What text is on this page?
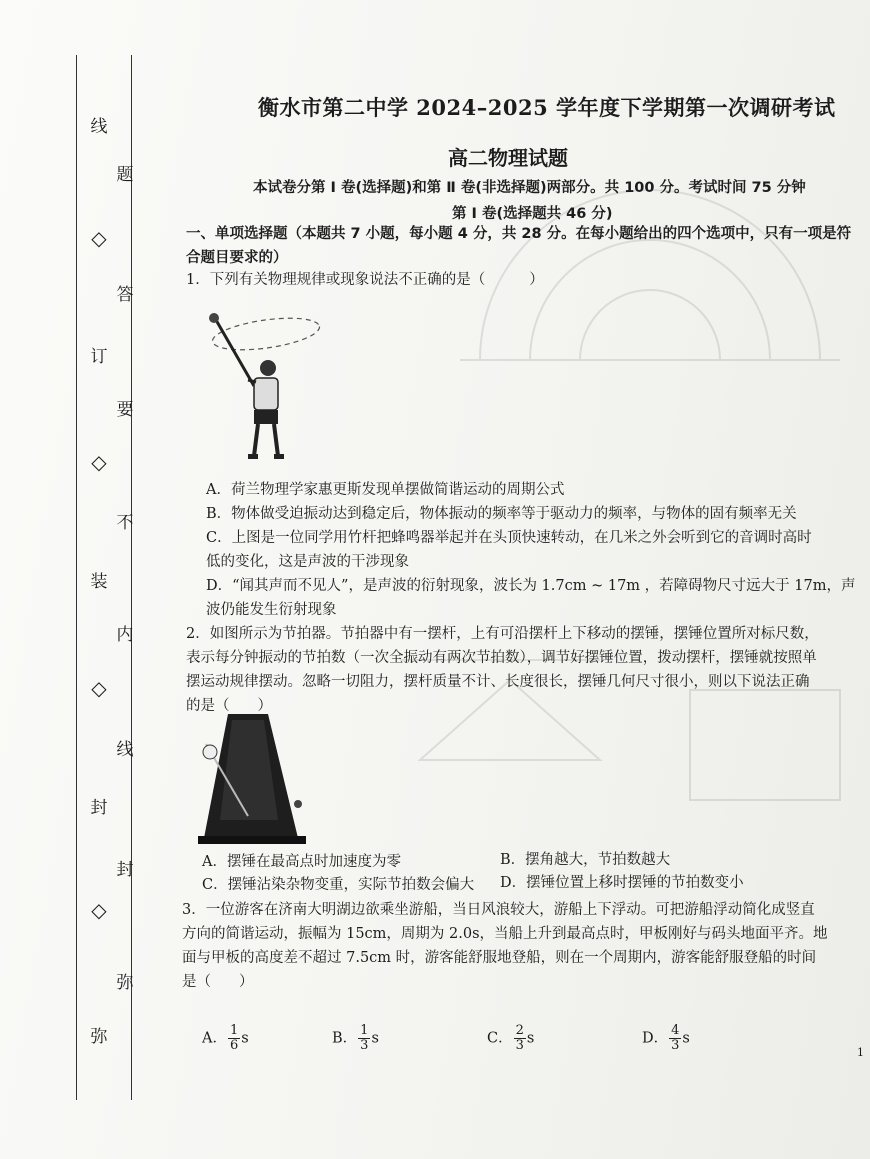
线
◇
订
◇
装
◇
封
◇
弥
题
答
要
不
内
线
封
弥
衡水市第二中学 2024–2025 学年度下学期第一次调研考试
高二物理试题
本试卷分第 Ⅰ 卷(选择题)和第 Ⅱ 卷(非选择题)两部分。共 100 分。考试时间 75 分钟
第 Ⅰ 卷(选择题共 46 分)
一、单项选择题（本题共 7 小题，每小题 4 分，共 28 分。在每小题给出的四个选项中，只有一项是符合题目要求的）
1．下列有关物理规律或现象说法不正确的是（	）
A．荷兰物理学家惠更斯发现单摆做简谐运动的周期公式
B．物体做受迫振动达到稳定后，物体振动的频率等于驱动力的频率，与物体的固有频率无关
C．上图是一位同学用竹杆把蜂鸣器举起并在头顶快速转动，在几米之外会听到它的音调时高时
低的变化，这是声波的干涉现象
D．“闻其声而不见人”，是声波的衍射现象，波长为 1.7cm ~ 17m ，若障碍物尺寸远大于 17m，声
波仍能发生衍射现象
2．如图所示为节拍器。节拍器中有一摆杆，上有可沿摆杆上下移动的摆锤，摆锤位置所对标尺数，
表示每分钟振动的节拍数（一次全振动有两次节拍数），调节好摆锤位置，拨动摆杆，摆锤就按照单
摆运动规律摆动。忽略一切阻力，摆杆质量不计、长度很长，摆锤几何尺寸很小，则以下说法正确
的是（ ）
A．摆锤在最高点时加速度为零	B．摆角越大，节拍数越大
C．摆锤沾染杂物变重，实际节拍数会偏大 D．摆锤位置上移时摆锤的节拍数变小
3．一位游客在济南大明湖边欲乘坐游船，当日风浪较大，游船上下浮动。可把游船浮动简化成竖直
方向的简谐运动，振幅为 15cm，周期为 2.0s，当船上升到最高点时，甲板刚好与码头地面平齐。地
面与甲板的高度差不超过 7.5cm 时，游客能舒服地登船，则在一个周期内，游客能舒服登船的时间
是（ ）
A． $\frac{1}{6}$ s	B． $\frac{1}{3}$ s	C． $\frac{2}{3}$ s	D． $\frac{4}{3}$ s
1
